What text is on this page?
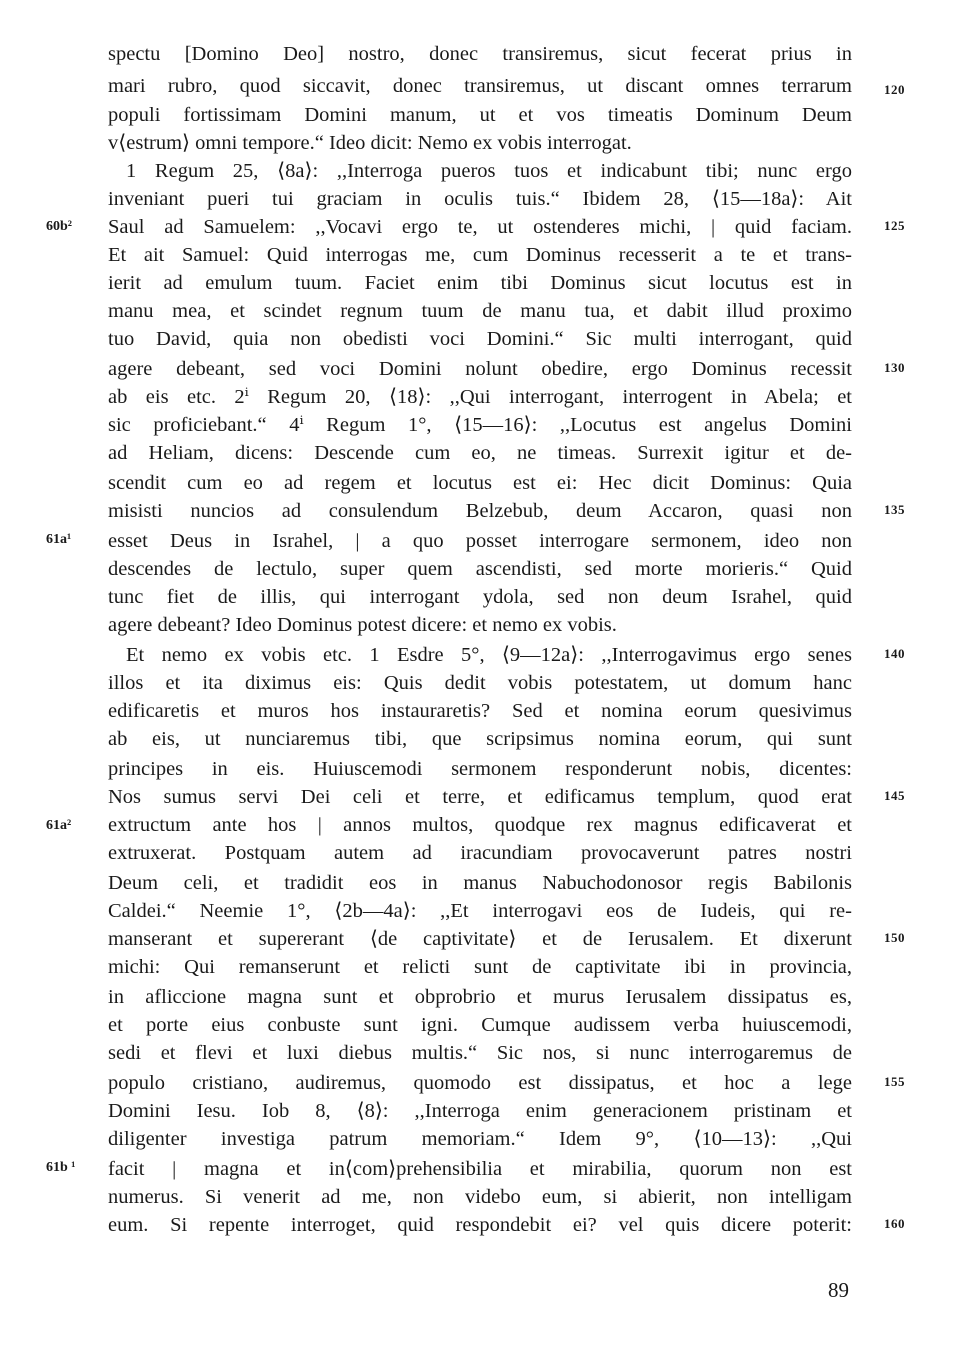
spectu [Domino Deo] nostro, donec transiremus, sicut fecerat prius in
mari rubro, quod siccavit, donec transiremus, ut discant omnes terrarum
populi fortissimam Domini manum, ut et vos timeatis Dominum Deum
v⟨estrum⟩ omni tempore.“ Ideo dicit: Nemo ex vobis interrogat.
1 Regum 25, ⟨8a⟩: ,,Interroga pueros tuos et indicabunt tibi; nunc ergo
inveniant pueri tui graciam in oculis tuis.“ Ibidem 28, ⟨15—18a⟩: Ait
Saul ad Samuelem: ,,Vocavi ergo te, ut ostenderes michi, | quid faciam.
Et ait Samuel: Quid interrogas me, cum Dominus recesserit a te et trans-
ierit ad emulum tuum. Faciet enim tibi Dominus sicut locutus est in
manu mea, et scindet regnum tuum de manu tua, et dabit illud proximo
tuo David, quia non obedisti voci Domini.“ Sic multi interrogant, quid
agere debeant, sed voci Domini nolunt obedire, ergo Dominus recessit
ab eis etc. 2ⁱ Regum 20, ⟨18⟩: ,,Qui interrogant, interrogent in Abela; et
sic proficiebant.“ 4ⁱ Regum 1°, ⟨15—16⟩: ,,Locutus est angelus Domini
ad Heliam, dicens: Descende cum eo, ne timeas. Surrexit igitur et de-
scendit cum eo ad regem et locutus est ei: Hec dicit Dominus: Quia
misisti nuncios ad consulendum Belzebub, deum Accaron, quasi non
esset Deus in Israhel, | a quo posset interrogare sermonem, ideo non
descendes de lectulo, super quem ascendisti, sed morte morieris.“ Quid
tunc fiet de illis, qui interrogant ydola, sed non deum Israhel, quid
agere debeant? Ideo Dominus potest dicere: et nemo ex vobis.
Et nemo ex vobis etc. 1 Esdre 5°, ⟨9—12a⟩: ,,Interrogavimus ergo senes
illos et ita diximus eis: Quis dedit vobis potestatem, ut domum hanc
edificaretis et muros hos instauraretis? Sed et nomina eorum quesivimus
ab eis, ut nunciaremus tibi, que scripsimus nomina eorum, qui sunt
principes in eis. Huiuscemodi sermonem responderunt nobis, dicentes:
Nos sumus servi Dei celi et terre, et edificamus templum, quod erat
extructum ante hos | annos multos, quodque rex magnus edificaverat et
extruxerat. Postquam autem ad iracundiam provocaverunt patres nostri
Deum celi, et tradidit eos in manus Nabuchodonosor regis Babilonis
Caldei.“ Neemie 1°, ⟨2b—4a⟩: ,,Et interrogavi eos de Iudeis, qui re-
manserant et supererant ⟨de captivitate⟩ et de Ierusalem. Et dixerunt
michi: Qui remanserunt et relicti sunt de captivitate ibi in provincia,
in afliccione magna sunt et obprobrio et murus Ierusalem dissipatus es,
et porte eius conbuste sunt igni. Cumque audissem verba huiuscemodi,
sedi et flevi et luxi diebus multis.“ Sic nos, si nunc interrogaremus de
populo cristiano, audiremus, quomodo est dissipatus, et hoc a lege
Domini Iesu. Iob 8, ⟨8⟩: ,,Interroga enim generacionem pristinam et
diligenter investiga patrum memoriam.“ Idem 9°, ⟨10—13⟩: ,,Qui
facit | magna et in⟨com⟩prehensibilia et mirabilia, quorum non est
numerus. Si venerit ad me, non videbo eum, si abierit, non intelligam
eum. Si repente interroget, quid respondebit ei? vel quis dicere poterit:
120
125
130
135
140
145
150
155
160
60b²
61a¹
61a²
61b ¹
89
